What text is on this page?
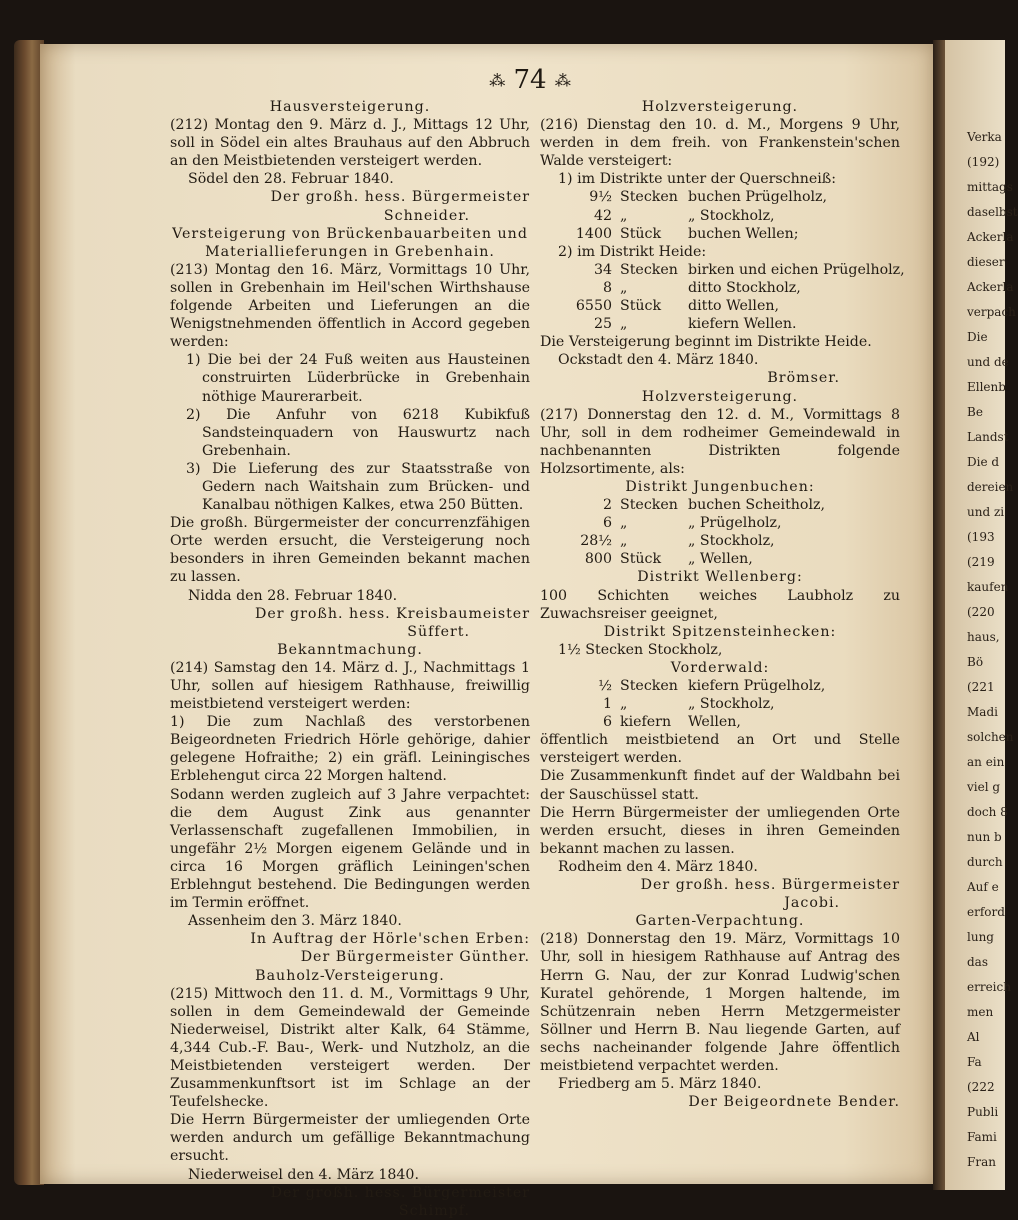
⁂ 74 ⁂

Hausversteigerung.

(212) Montag den 9. März d. J., Mittags 12 Uhr, soll in Södel ein altes Brauhaus auf den Abbruch an den Meistbietenden versteigert werden.

Södel den 28. Februar 1840.

Der großh. hess. Bürgermeister

Schneider.

Versteigerung von Brückenbauarbeiten und Materiallieferungen in Grebenhain.

(213) Montag den 16. März, Vormittags 10 Uhr, sollen in Grebenhain im Heil'schen Wirthshause folgende Arbeiten und Lieferungen an die Wenigstnehmenden öffentlich in Accord gegeben werden:

1) Die bei der 24 Fuß weiten aus Hausteinen construirten Lüderbrücke in Grebenhain nöthige Maurerarbeit.

2) Die Anfuhr von 6218 Kubikfuß Sandsteinquadern von Hauswurtz nach Grebenhain.

3) Die Lieferung des zur Staatsstraße von Gedern nach Waitshain zum Brücken- und Kanalbau nöthigen Kalkes, etwa 250 Bütten.

Die großh. Bürgermeister der concurrenzfähigen Orte werden ersucht, die Versteigerung noch besonders in ihren Gemeinden bekannt machen zu lassen.

Nidda den 28. Februar 1840.

Der großh. hess. Kreisbaumeister

Süffert.

Bekanntmachung.

(214) Samstag den 14. März d. J., Nachmittags 1 Uhr, sollen auf hiesigem Rathhause, freiwillig meistbietend versteigert werden:

1) Die zum Nachlaß des verstorbenen Beigeordneten Friedrich Hörle gehörige, dahier gelegene Hofraithe; 2) ein gräfl. Leiningisches Erblehengut circa 22 Morgen haltend.

Sodann werden zugleich auf 3 Jahre verpachtet: die dem August Zink aus genannter Verlassenschaft zugefallenen Immobilien, in ungefähr 2½ Morgen eigenem Gelände und in circa 16 Morgen gräflich Leiningen'schen Erblehngut bestehend. Die Bedingungen werden im Termin eröffnet.

Assenheim den 3. März 1840.

In Auftrag der Hörle'schen Erben:

Der Bürgermeister Günther.

Bauholz-Versteigerung.

(215) Mittwoch den 11. d. M., Vormittags 9 Uhr, sollen in dem Gemeindewald der Gemeinde Niederweisel, Distrikt alter Kalk, 64 Stämme, 4,344 Cub.-F. Bau-, Werk- und Nutzholz, an die Meistbietenden versteigert werden. Der Zusammenkunftsort ist im Schlage an der Teufelshecke.

Die Herrn Bürgermeister der umliegenden Orte werden andurch um gefällige Bekanntmachung ersucht.

Niederweisel den 4. März 1840.

Der großh. hess. Bürgermeister

Schimpf.

Holzversteigerung.

(216) Dienstag den 10. d. M., Morgens 9 Uhr, werden in dem freih. von Frankenstein'schen Walde versteigert:

1) im Distrikte unter der Querschneiß:

9½ Stecken buchen Prügelholz,
42 „	„ Stockholz,
1400 Stück	buchen Wellen;

2) im Distrikt Heide:

34 Stecken birken und eichen Prügelholz,
8 „	ditto Stockholz,
6550 Stück	ditto Wellen,
25 „	kiefern Wellen.

Die Versteigerung beginnt im Distrikte Heide.

Ockstadt den 4. März 1840.

Brömser.

Holzversteigerung.

(217) Donnerstag den 12. d. M., Vormittags 8 Uhr, soll in dem rodheimer Gemeindewald in nachbenannten Distrikten folgende Holzsortimente, als:

Distrikt Jungenbuchen:

2 Stecken buchen Scheitholz,
6 „	„ Prügelholz,
28½ „	„ Stockholz,
800 Stück	„ Wellen,

Distrikt Wellenberg:

100 Schichten weiches Laubholz zu Zuwachsreiser geeignet,

Distrikt Spitzensteinhecken:

1½ Stecken Stockholz,

Vorderwald:

½ Stecken kiefern Prügelholz,
1 „	„ Stockholz,
6 kiefern	Wellen,

öffentlich meistbietend an Ort und Stelle versteigert werden.

Die Zusammenkunft findet auf der Waldbahn bei der Sauschüssel statt.

Die Herrn Bürgermeister der umliegenden Orte werden ersucht, dieses in ihren Gemeinden bekannt machen zu lassen.

Rodheim den 4. März 1840.

Der großh. hess. Bürgermeister

Jacobi.

Garten-Verpachtung.

(218) Donnerstag den 19. März, Vormittags 10 Uhr, soll in hiesigem Rathhause auf Antrag des Herrn G. Nau, der zur Konrad Ludwig'schen Kuratel gehörende, 1 Morgen haltende, im Schützenrain neben Herrn Metzgermeister Söllner und Herrn B. Nau liegende Garten, auf sechs nacheinander folgende Jahre öffentlich meistbietend verpachtet werden.

Friedberg am 5. März 1840.

Der Beigeordnete Bender.

Verka
(192)
mittags
daselbst
Ackerla
dieser
Ackerla
verpach
Die
und de
Ellenb
Be
Landst
Die d
dereien
und zi
(193
(219
kaufen
(220
haus,
Bö
(221
Madi
solchen
an ein
viel g
doch 8
nun b
durch
Auf e
erford
lung
das
erreich
men
Al
Fa
(222
Publi
Fami
Fran
